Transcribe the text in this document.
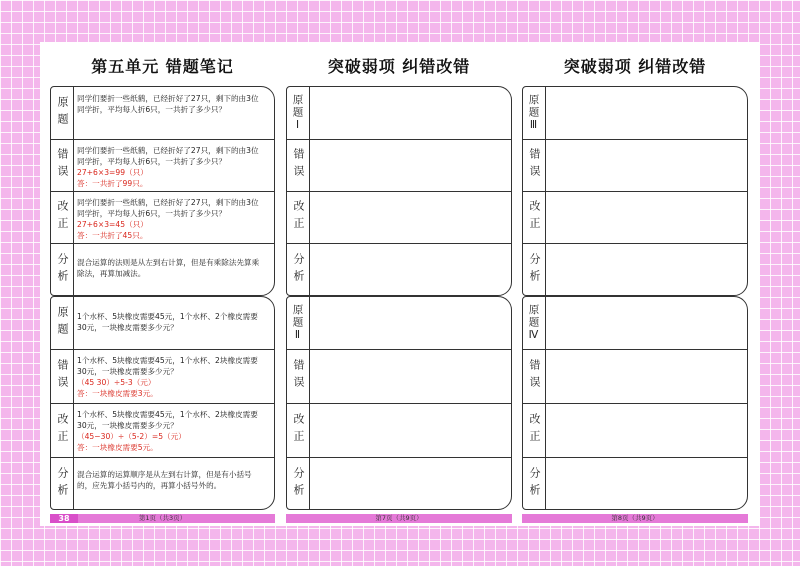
第五单元 错题笔记
原题	同学们要折一些纸鹤，已经折好了27只，剩下的由3位同学折，平均每人折6只，一共折了多少只？
错误	同学们要折一些纸鹤，已经折好了27只，剩下的由3位同学折，平均每人折6只，一共折了多少只？
27+6×3=99（只）
答：一共折了99只。
改正	同学们要折一些纸鹤，已经折好了27只，剩下的由3位同学折，平均每人折6只，一共折了多少只？
27+6×3=45（只）
答：一共折了45只。
分析	混合运算的法则是从左到右计算，但是有乘除法先算乘除法，再算加减法。
原题	1个水杯、5块橡皮需要45元，1个水杯、2个橡皮需要30元，一块橡皮需要多少元？
错误	1个水杯、5块橡皮需要45元，1个水杯、2块橡皮需要30元，一块橡皮需要多少元？
（45 30）÷5-3（元）
答：一块橡皮需要3元。
改正	1个水杯、5块橡皮需要45元，1个水杯、2块橡皮需要30元，一块橡皮需要多少元？
（45−30）÷（5-2）=5（元）
答：一块橡皮需要5元。
分析	混合运算的运算顺序是从左到右计算，但是有小括号的，应先算小括号内的，再算小括号外的。
38	第1页（共3页）
突破弱项 纠错改错
原题Ⅰ
错误
改正
分析
原题Ⅱ
错误
改正
分析
第7页（共9页）
突破弱项 纠错改错
原题Ⅲ
错误
改正
分析
原题Ⅳ
错误
改正
分析
第8页（共9页）
